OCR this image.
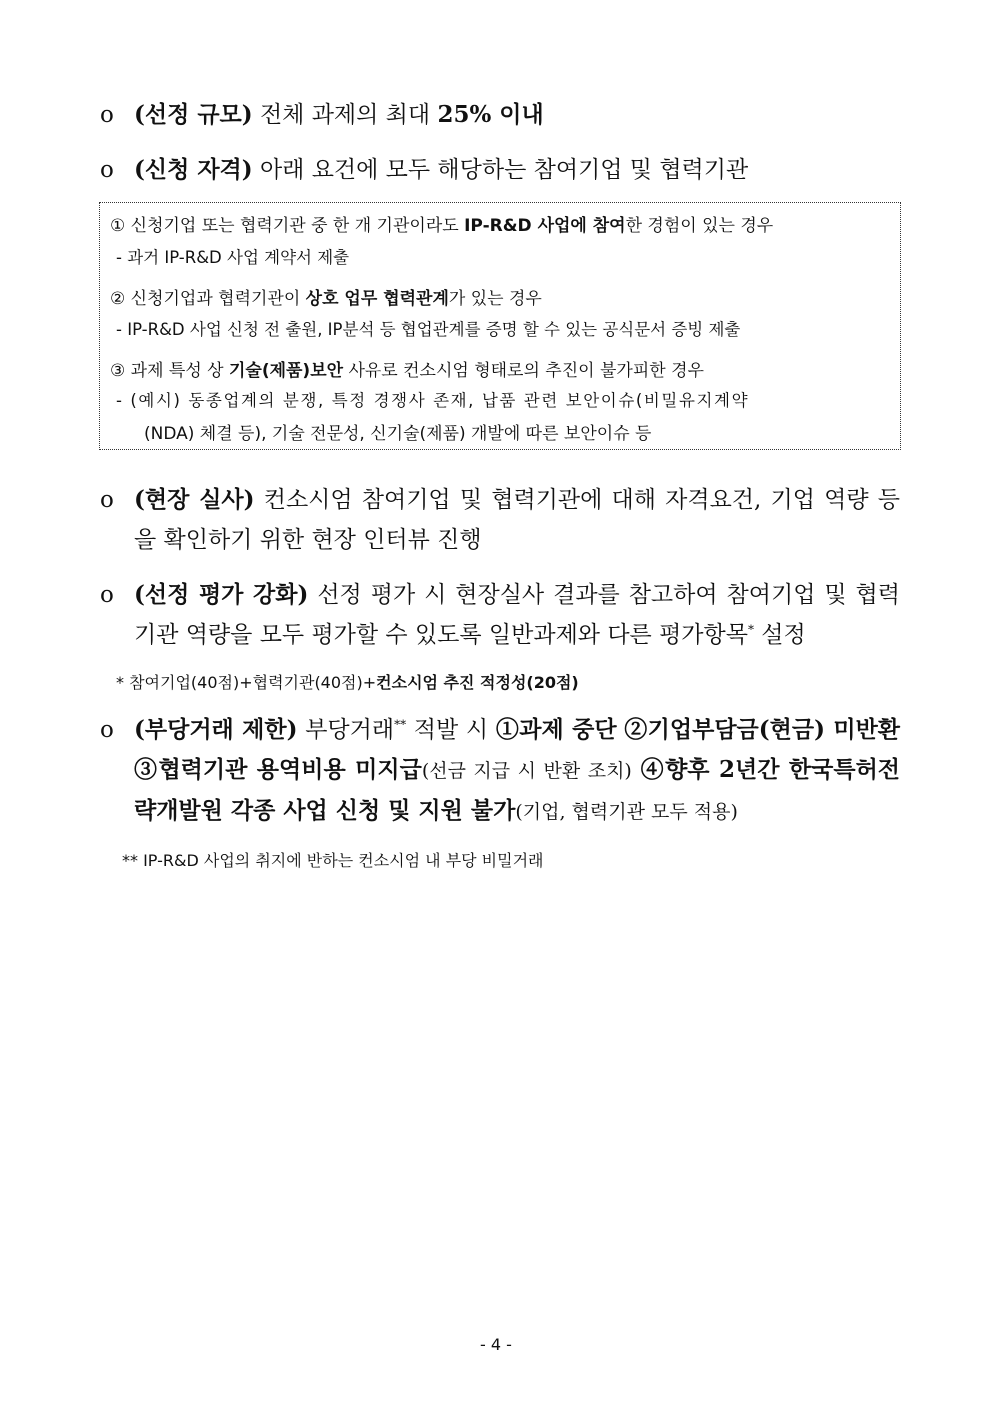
o (선정 규모) 전체 과제의 최대 25% 이내
o (신청 자격) 아래 요건에 모두 해당하는 참여기업 및 협력기관
① 신청기업 또는 협력기관 중 한 개 기관이라도 IP-R&D 사업에 참여한 경험이 있는 경우
- 과거 IP-R&D 사업 계약서 제출
② 신청기업과 협력기관이 상호 업무 협력관계가 있는 경우
- IP-R&D 사업 신청 전 출원, IP분석 등 협업관계를 증명 할 수 있는 공식문서 증빙 제출
③ 과제 특성 상 기술(제품)보안 사유로 컨소시엄 형태로의 추진이 불가피한 경우
- (예시) 동종업계의 분쟁, 특정 경쟁사 존재, 납품 관련 보안이슈(비밀유지계약
(NDA) 체결 등), 기술 전문성, 신기술(제품) 개발에 따른 보안이슈 등
o (현장 실사) 컨소시엄 참여기업 및 협력기관에 대해 자격요건, 기업 역량 등을 확인하기 위한 현장 인터뷰 진행
o (선정 평가 강화) 선정 평가 시 현장실사 결과를 참고하여 참여기업 및 협력기관 역량을 모두 평가할 수 있도록 일반과제와 다른 평가항목* 설정
* 참여기업(40점)+협력기관(40점)+컨소시엄 추진 적정성(20점)
o (부당거래 제한) 부당거래** 적발 시 ①과제 중단 ②기업부담금(현금) 미반환 ③협력기관 용역비용 미지급(선금 지급 시 반환 조치) ④향후 2년간 한국특허전략개발원 각종 사업 신청 및 지원 불가(기업, 협력기관 모두 적용)
** IP-R&D 사업의 취지에 반하는 컨소시엄 내 부당 비밀거래
- 4 -
